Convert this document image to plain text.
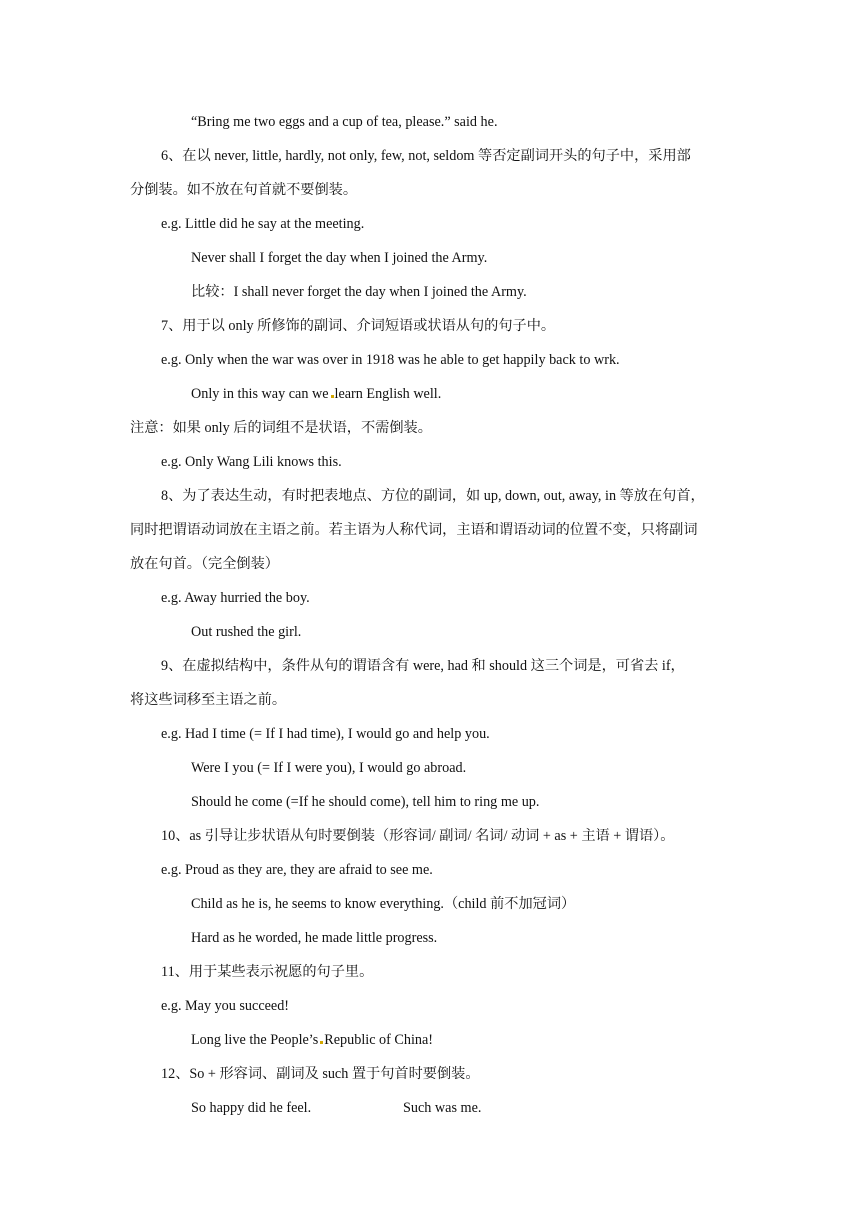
“Bring me two eggs and a cup of tea, please.” said he.
6、在以 never, little, hardly, not only, few, not, seldom 等否定副词开头的句子中，采用部
分倒装。如不放在句首就不要倒装。
e.g. Little did he say at the meeting.
Never shall I forget the day when I joined the Army.
比较：I shall never forget the day when I joined the Army.
7、用于以 only 所修饰的副词、介词短语或状语从句的句子中。
e.g. Only when the war was over in 1918 was he able to get happily back to wrk.
Only in this way can we learn English well.
注意：如果 only 后的词组不是状语，不需倒装。
e.g. Only Wang Lili knows this.
8、为了表达生动，有时把表地点、方位的副词，如 up, down, out, away, in 等放在句首，
同时把谓语动词放在主语之前。若主语为人称代词，主语和谓语动词的位置不变，只将副词
放在句首。（完全倒装）
e.g. Away hurried the boy.
Out rushed the girl.
9、在虚拟结构中，条件从句的谓语含有 were, had 和 should 这三个词是，可省去 if，
将这些词移至主语之前。
e.g. Had I time (= If I had time), I would go and help you.
Were I you (= If I were you), I would go abroad.
Should he come (=If he should come), tell him to ring me up.
10、as 引导让步状语从句时要倒装（形容词/ 副词/ 名词/ 动词 + as + 主语 + 谓语）。
e.g. Proud as they are, they are afraid to see me.
Child as he is, he seems to know everything.（child 前不加冠词）
Hard as he worded, he made little progress.
11、用于某些表示祝愿的句子里。
e.g. May you succeed!
Long live the People’s Republic of China!
12、So + 形容词、副词及 such 置于句首时要倒装。
So happy did he feel.	Such was me.
